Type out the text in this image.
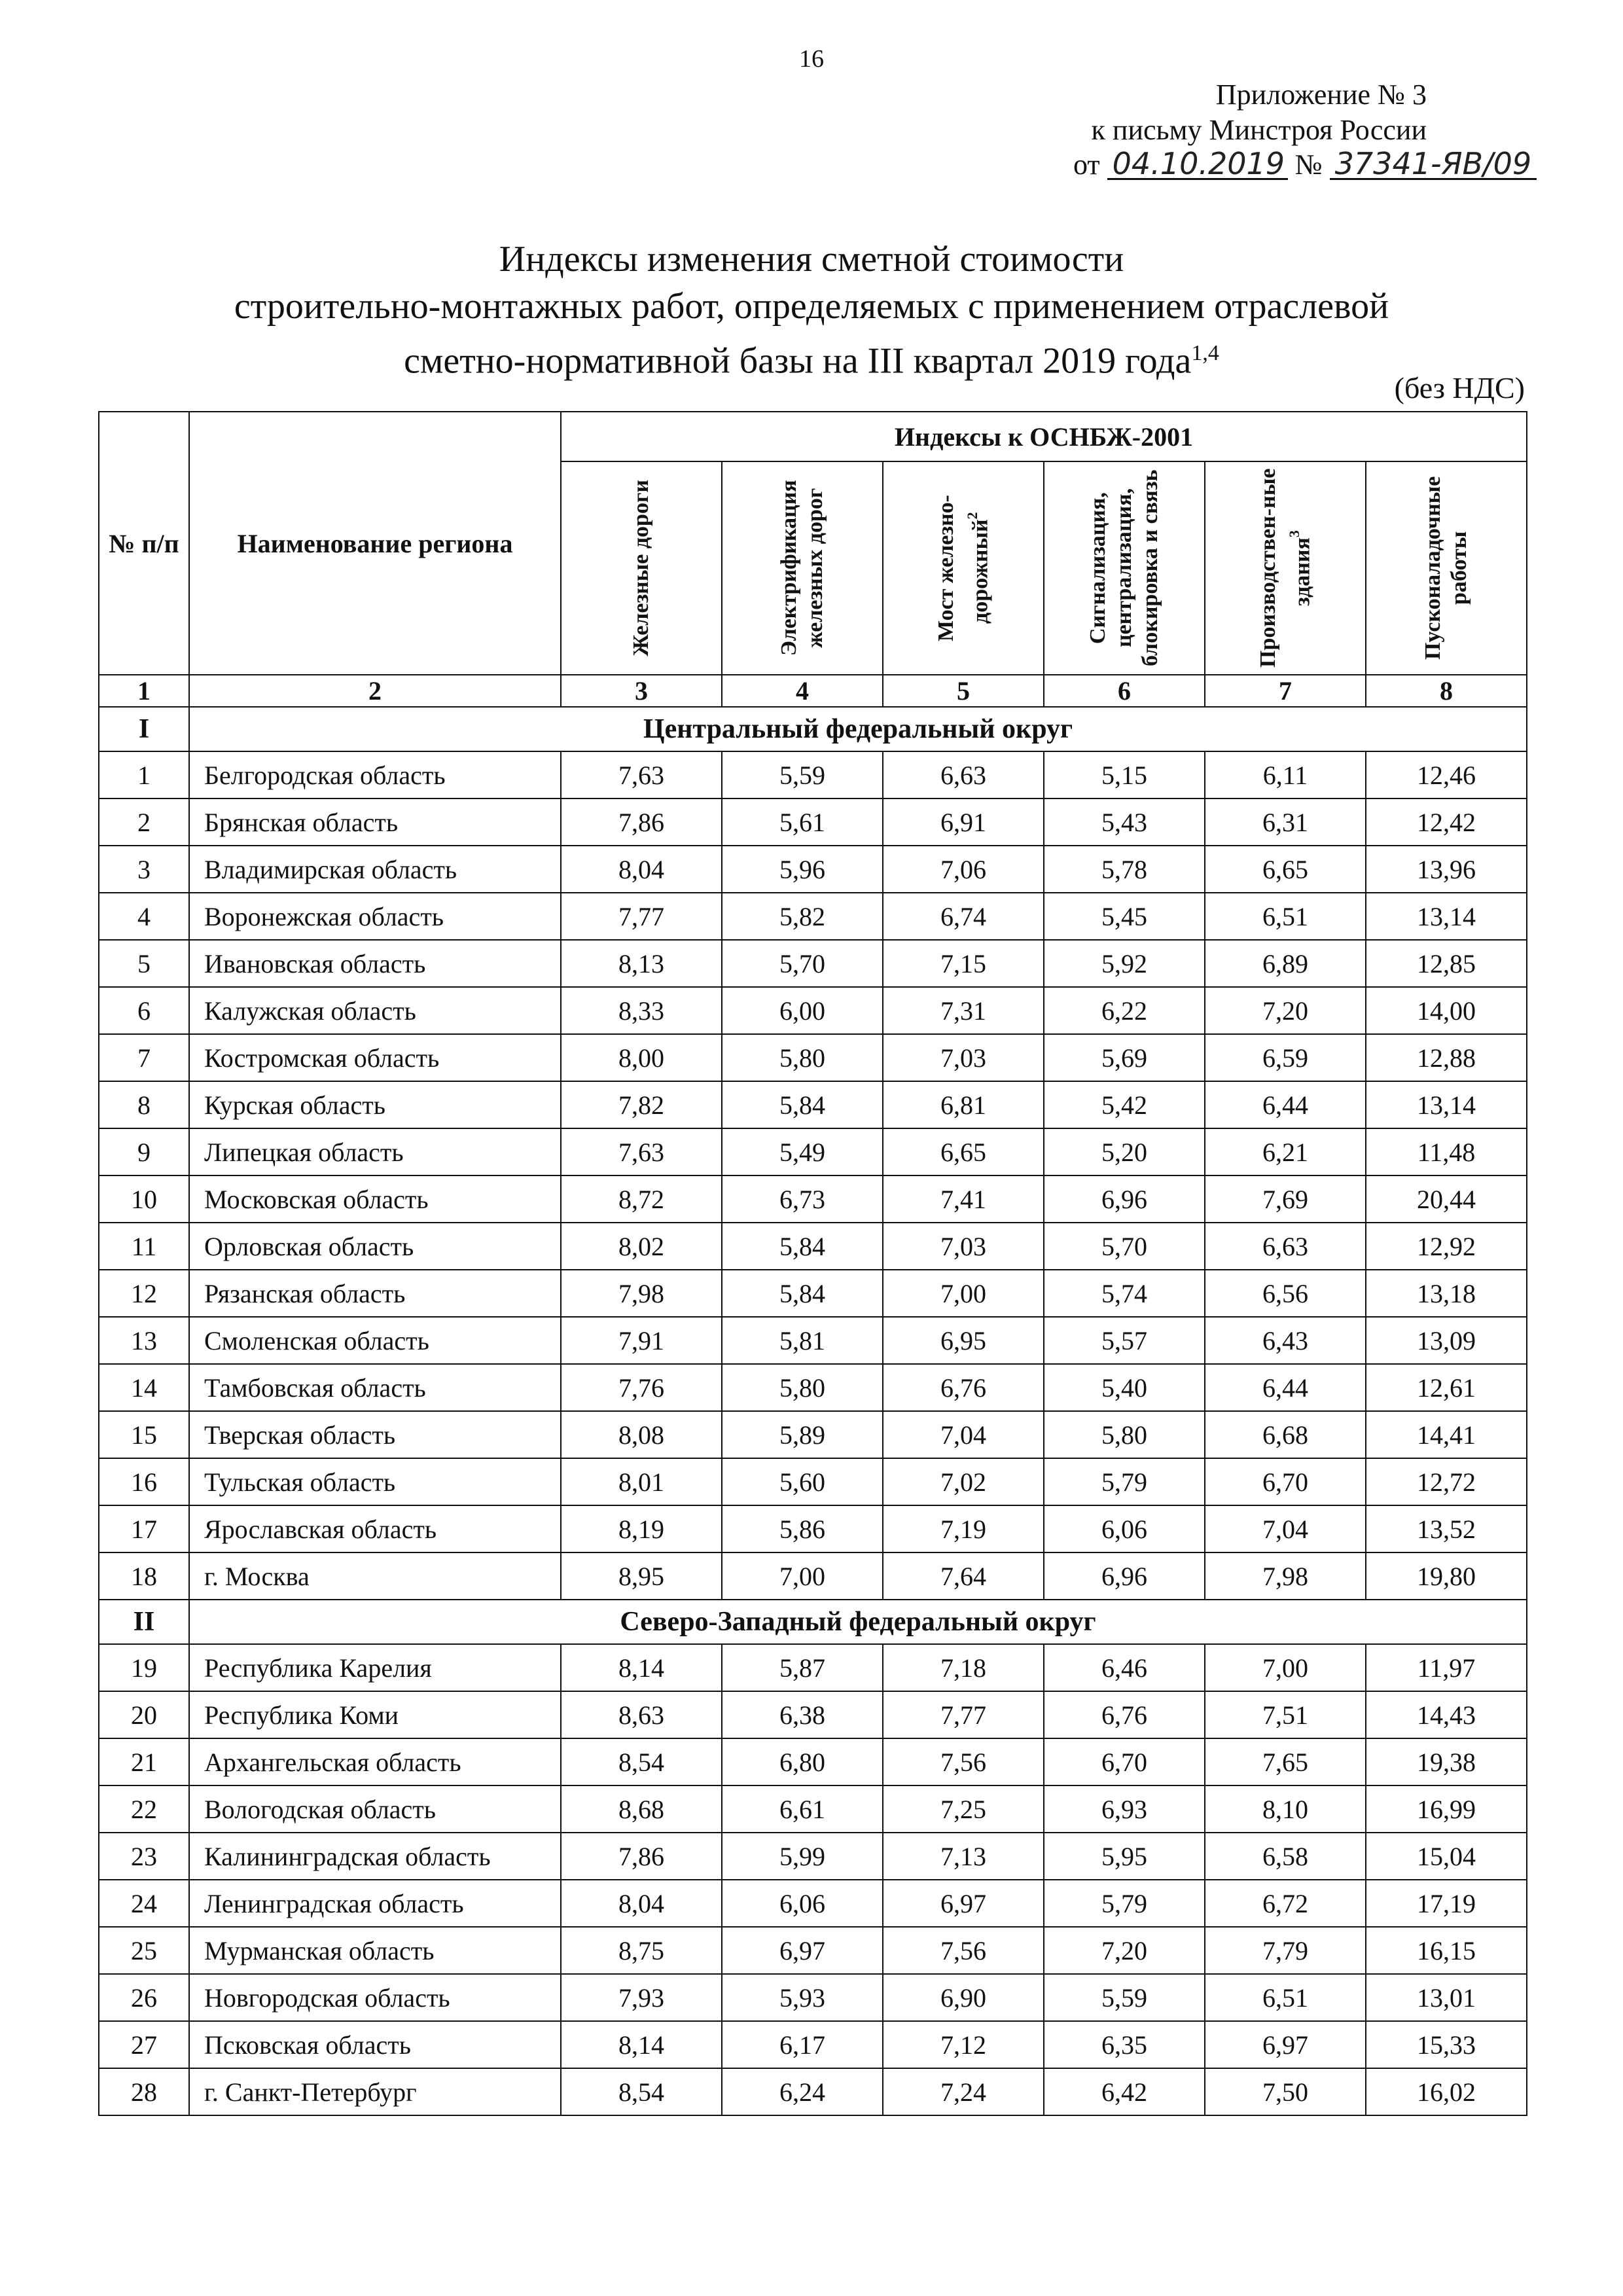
16
Приложение № 3
к письму Минстроя России
от 04.10.2019 № 37341-ЯВ/09
Индексы изменения сметной стоимости
строительно-монтажных работ, определяемых с применением отраслевой
сметно-нормативной базы на III квартал 2019 года$^{1,4}$
(без НДС)
№ п/п	Наименование региона	Индексы к ОСНБЖ-2001					

		Железные дороги	Электрификация железных дорог	Мост железно-дорожный$^2$	Сигнализация, централизация, блокировка и связь	Производствен-ные здания$^3$	Пусконаладочные работы

1	2	3	4	5	6	7	8
I	Центральный федеральный округ						
1	Белгородская область	7,63	5,59	6,63	5,15	6,11	12,46
2	Брянская область	7,86	5,61	6,91	5,43	6,31	12,42
3	Владимирская область	8,04	5,96	7,06	5,78	6,65	13,96
4	Воронежская область	7,77	5,82	6,74	5,45	6,51	13,14
5	Ивановская область	8,13	5,70	7,15	5,92	6,89	12,85
6	Калужская область	8,33	6,00	7,31	6,22	7,20	14,00
7	Костромская область	8,00	5,80	7,03	5,69	6,59	12,88
8	Курская область	7,82	5,84	6,81	5,42	6,44	13,14
9	Липецкая область	7,63	5,49	6,65	5,20	6,21	11,48
10	Московская область	8,72	6,73	7,41	6,96	7,69	20,44
11	Орловская область	8,02	5,84	7,03	5,70	6,63	12,92
12	Рязанская область	7,98	5,84	7,00	5,74	6,56	13,18
13	Смоленская область	7,91	5,81	6,95	5,57	6,43	13,09
14	Тамбовская область	7,76	5,80	6,76	5,40	6,44	12,61
15	Тверская область	8,08	5,89	7,04	5,80	6,68	14,41
16	Тульская область	8,01	5,60	7,02	5,79	6,70	12,72
17	Ярославская область	8,19	5,86	7,19	6,06	7,04	13,52
18	г. Москва	8,95	7,00	7,64	6,96	7,98	19,80
II	Северо-Западный федеральный округ						
19	Республика Карелия	8,14	5,87	7,18	6,46	7,00	11,97
20	Республика Коми	8,63	6,38	7,77	6,76	7,51	14,43
21	Архангельская область	8,54	6,80	7,56	6,70	7,65	19,38
22	Вологодская область	8,68	6,61	7,25	6,93	8,10	16,99
23	Калининградская область	7,86	5,99	7,13	5,95	6,58	15,04
24	Ленинградская область	8,04	6,06	6,97	5,79	6,72	17,19
25	Мурманская область	8,75	6,97	7,56	7,20	7,79	16,15
26	Новгородская область	7,93	5,93	6,90	5,59	6,51	13,01
27	Псковская область	8,14	6,17	7,12	6,35	6,97	15,33
28	г. Санкт-Петербург	8,54	6,24	7,24	6,42	7,50	16,02
